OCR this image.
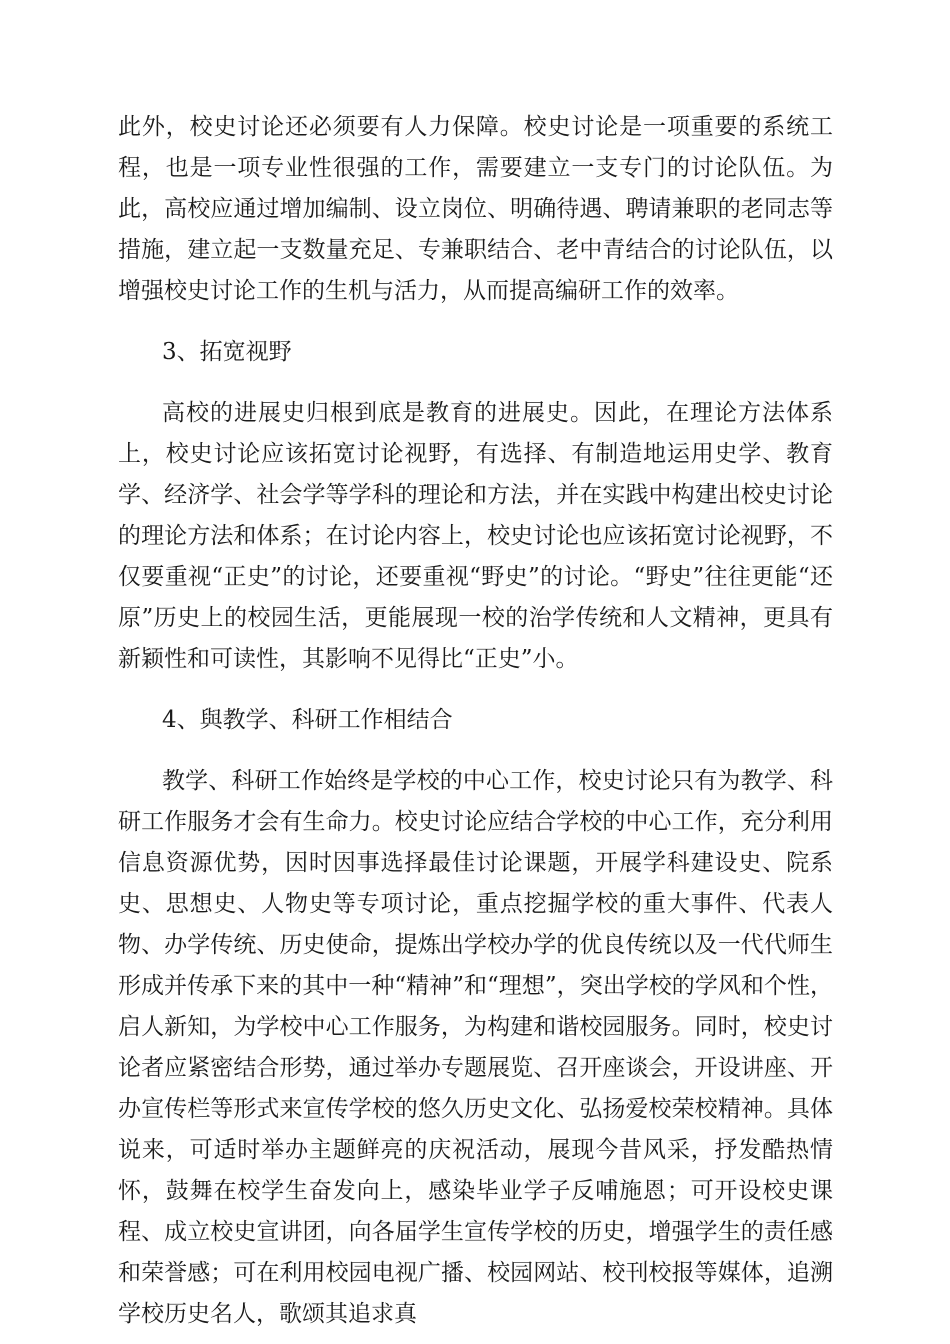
此外，校史讨论还必须要有人力保障。校史讨论是一项重要的系统工程，也是一项专业性很强的工作，需要建立一支专门的讨论队伍。为此，高校应通过增加编制、设立岗位、明确待遇、聘请兼职的老同志等措施，建立起一支数量充足、专兼职结合、老中青结合的讨论队伍，以增强校史讨论工作的生机与活力，从而提高编研工作的效率。

3、拓宽视野

高校的进展史归根到底是教育的进展史。因此，在理论方法体系上，校史讨论应该拓宽讨论视野，有选择、有制造地运用史学、教育学、经济学、社会学等学科的理论和方法，并在实践中构建出校史讨论的理论方法和体系；在讨论内容上，校史讨论也应该拓宽讨论视野，不仅要重视“正史”的讨论，还要重视“野史”的讨论。“野史”往往更能“还原”历史上的校园生活，更能展现一校的治学传统和人文精神，更具有新颖性和可读性，其影响不见得比“正史”小。

4、與教学、科研工作相结合

教学、科研工作始终是学校的中心工作，校史讨论只有为教学、科研工作服务才会有生命力。校史讨论应结合学校的中心工作，充分利用信息资源优势，因时因事选择最佳讨论课题，开展学科建设史、院系史、思想史、人物史等专项讨论，重点挖掘学校的重大事件、代表人物、办学传统、历史使命，提炼出学校办学的优良传统以及一代代师生形成并传承下来的其中一种“精神”和“理想”，突出学校的学风和个性，启人新知，为学校中心工作服务，为构建和谐校园服务。同时，校史讨论者应紧密结合形势，通过举办专题展览、召开座谈会，开设讲座、开办宣传栏等形式来宣传学校的悠久历史文化、弘扬爱校荣校精神。具体说来，可适时举办主题鲜亮的庆祝活动，展现今昔风采，抒发酷热情怀，鼓舞在校学生奋发向上，感染毕业学子反哺施恩；可开设校史课程、成立校史宣讲团，向各届学生宣传学校的历史，增强学生的责任感和荣誉感；可在利用校园电视广播、校园网站、校刊校报等媒体，追溯学校历史名人，歌颂其追求真
